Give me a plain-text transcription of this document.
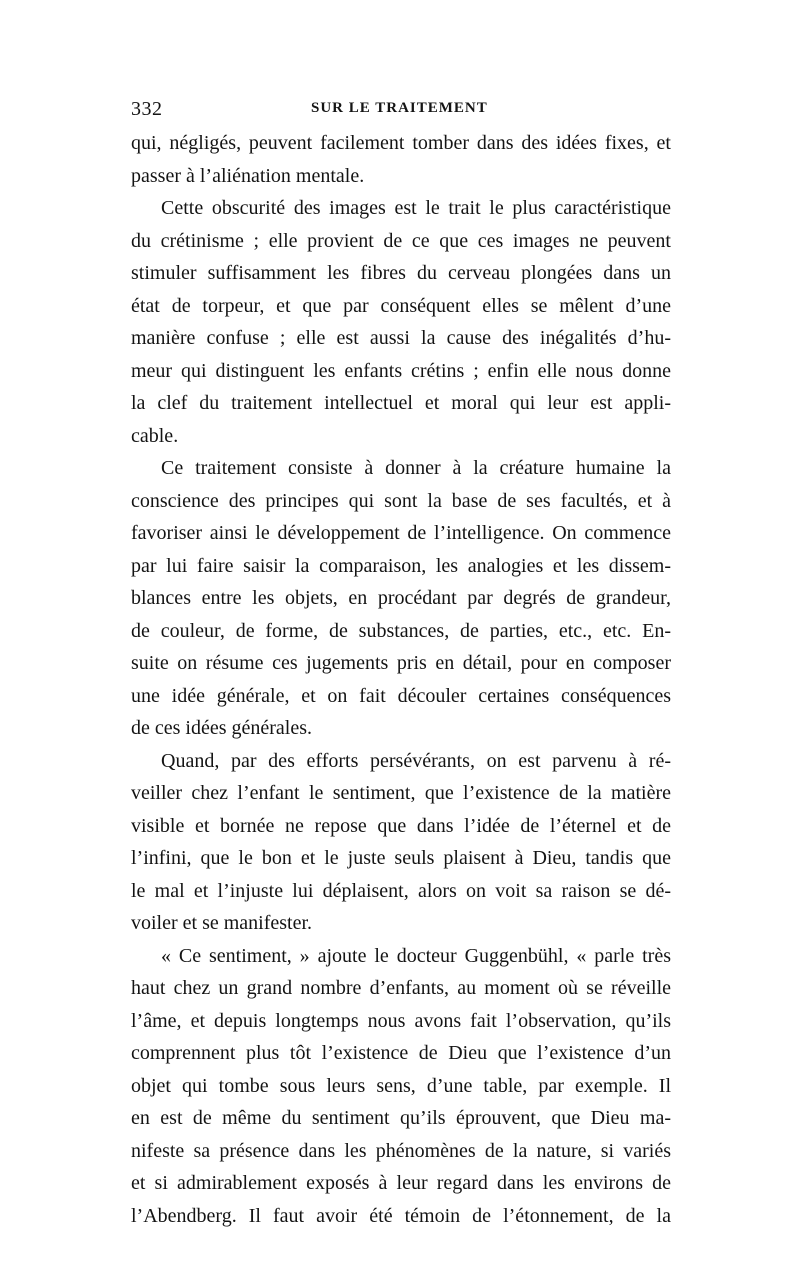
332	SUR LE TRAITEMENT
qui, négligés, peuvent facilement tomber dans des idées fixes, et
passer à l’aliénation mentale.
Cette obscurité des images est le trait le plus caractéristique
du crétinisme ; elle provient de ce que ces images ne peuvent
stimuler suffisamment les fibres du cerveau plongées dans un
état de torpeur, et que par conséquent elles se mêlent d’une
manière confuse ; elle est aussi la cause des inégalités d’hu-
meur qui distinguent les enfants crétins ; enfin elle nous donne
la clef du traitement intellectuel et moral qui leur est appli-
cable.
Ce traitement consiste à donner à la créature humaine la
conscience des principes qui sont la base de ses facultés, et à
favoriser ainsi le développement de l’intelligence. On commence
par lui faire saisir la comparaison, les analogies et les dissem-
blances entre les objets, en procédant par degrés de grandeur,
de couleur, de forme, de substances, de parties, etc., etc. En-
suite on résume ces jugements pris en détail, pour en composer
une idée générale, et on fait découler certaines conséquences
de ces idées générales.
Quand, par des efforts persévérants, on est parvenu à ré-
veiller chez l’enfant le sentiment, que l’existence de la matière
visible et bornée ne repose que dans l’idée de l’éternel et de
l’infini, que le bon et le juste seuls plaisent à Dieu, tandis que
le mal et l’injuste lui déplaisent, alors on voit sa raison se dé-
voiler et se manifester.
« Ce sentiment, » ajoute le docteur Guggenbühl, « parle très
haut chez un grand nombre d’enfants, au moment où se réveille
l’âme, et depuis longtemps nous avons fait l’observation, qu’ils
comprennent plus tôt l’existence de Dieu que l’existence d’un
objet qui tombe sous leurs sens, d’une table, par exemple. Il
en est de même du sentiment qu’ils éprouvent, que Dieu ma-
nifeste sa présence dans les phénomènes de la nature, si variés
et si admirablement exposés à leur regard dans les environs de
l’Abendberg. Il faut avoir été témoin de l’étonnement, de la
